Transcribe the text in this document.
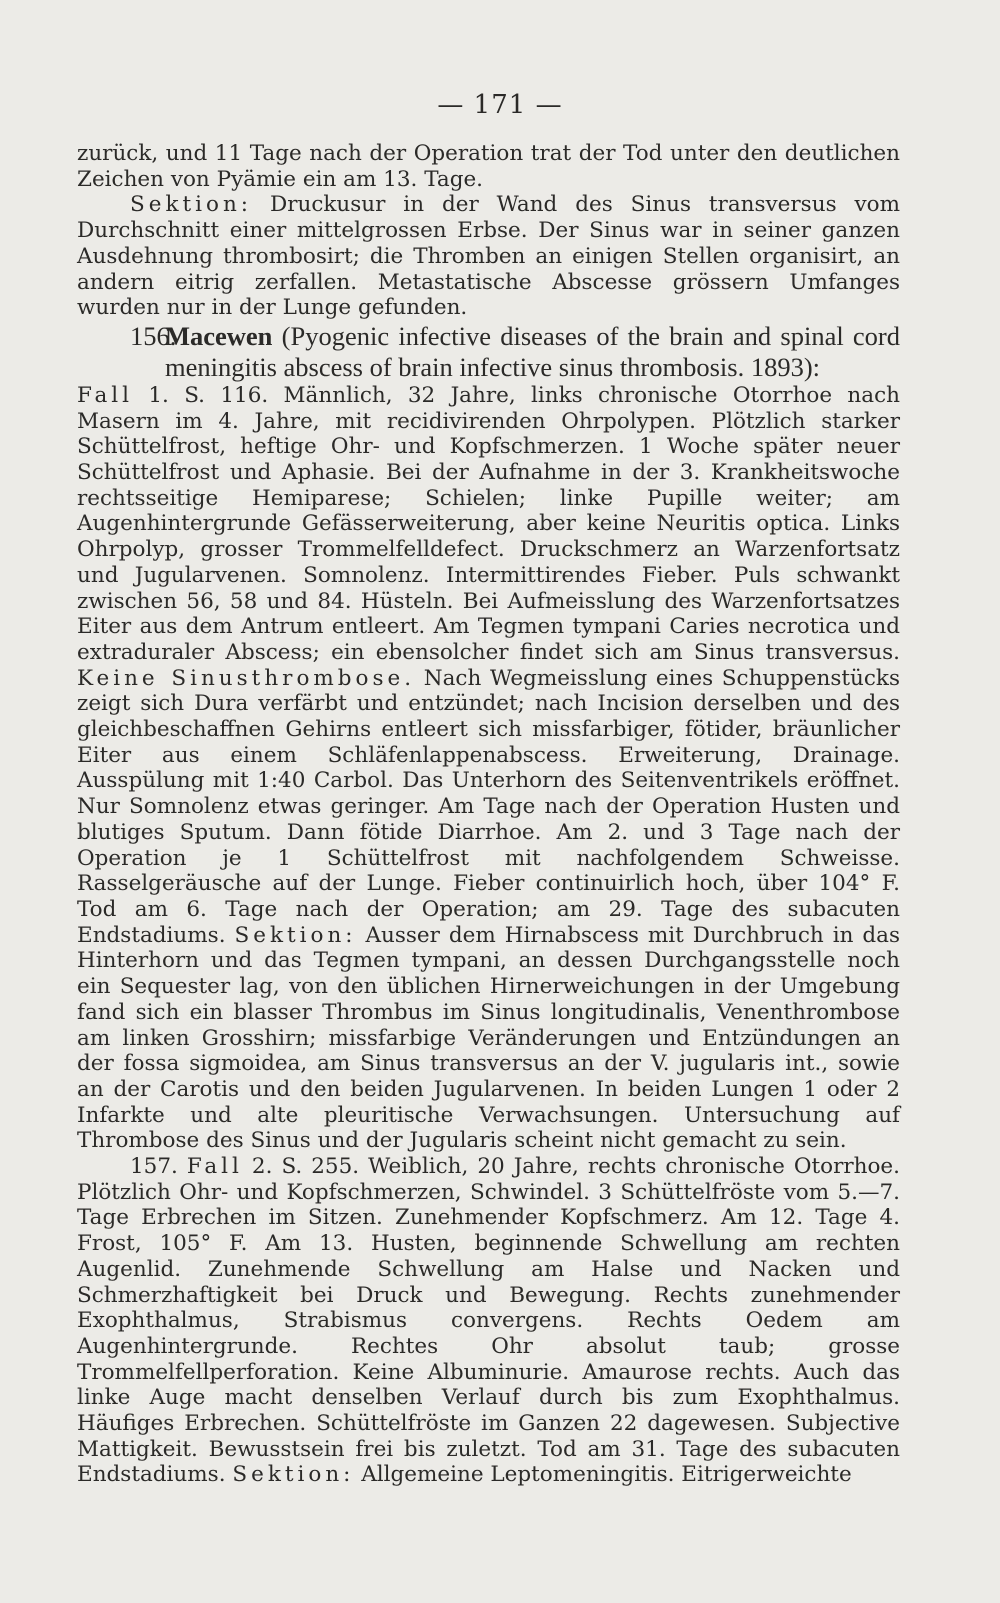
— 171 —

zurück, und 11 Tage nach der Operation trat der Tod unter den deutlichen Zeichen von Pyämie ein am 13. Tage.

Sektion: Druckusur in der Wand des Sinus transversus vom Durchschnitt einer mittelgrossen Erbse. Der Sinus war in seiner ganzen Ausdehnung thrombosirt; die Thromben an einigen Stellen organisirt, an andern eitrig zerfallen. Metastatische Abscesse grössern Umfanges wurden nur in der Lunge gefunden.

156.Macewen (Pyogenic infective diseases of the brain and spinal cord meningitis abscess of brain infective sinus thrombosis. 1893):

Fall 1. S. 116. Männlich, 32 Jahre, links chronische Otorrhoe nach Masern im 4. Jahre, mit recidivirenden Ohrpolypen. Plötzlich starker Schüttelfrost, heftige Ohr- und Kopfschmerzen. 1 Woche später neuer Schüttelfrost und Aphasie. Bei der Aufnahme in der 3. Krankheitswoche rechtsseitige Hemiparese; Schielen; linke Pupille weiter; am Augenhintergrunde Gefässerweiterung, aber keine Neuritis optica. Links Ohrpolyp, grosser Trommelfelldefect. Druckschmerz an Warzenfortsatz und Jugularvenen. Somnolenz. Intermittirendes Fieber. Puls schwankt zwischen 56, 58 und 84. Hüsteln. Bei Aufmeisslung des Warzenfortsatzes Eiter aus dem Antrum entleert. Am Tegmen tympani Caries necrotica und extraduraler Abscess; ein ebensolcher findet sich am Sinus transversus. Keine Sinusthrombose. Nach Wegmeisslung eines Schuppenstücks zeigt sich Dura verfärbt und entzündet; nach Incision derselben und des gleichbeschaffnen Gehirns entleert sich missfarbiger, fötider, bräunlicher Eiter aus einem Schläfenlappenabscess. Erweiterung, Drainage. Ausspülung mit 1:40 Carbol. Das Unterhorn des Seitenventrikels eröffnet. Nur Somnolenz etwas geringer. Am Tage nach der Operation Husten und blutiges Sputum. Dann fötide Diarrhoe. Am 2. und 3 Tage nach der Operation je 1 Schüttelfrost mit nachfolgendem Schweisse. Rasselgeräusche auf der Lunge. Fieber continuirlich hoch, über 104° F. Tod am 6. Tage nach der Operation; am 29. Tage des subacuten Endstadiums. Sektion: Ausser dem Hirnabscess mit Durchbruch in das Hinterhorn und das Tegmen tympani, an dessen Durchgangsstelle noch ein Sequester lag, von den üblichen Hirnerweichungen in der Umgebung fand sich ein blasser Thrombus im Sinus longitudinalis, Venenthrombose am linken Grosshirn; missfarbige Veränderungen und Entzündungen an der fossa sigmoidea, am Sinus transversus an der V. jugularis int., sowie an der Carotis und den beiden Jugularvenen. In beiden Lungen 1 oder 2 Infarkte und alte pleuritische Verwachsungen. Untersuchung auf Thrombose des Sinus und der Jugularis scheint nicht gemacht zu sein.

157. Fall 2. S. 255. Weiblich, 20 Jahre, rechts chronische Otorrhoe. Plötzlich Ohr- und Kopfschmerzen, Schwindel. 3 Schüttelfröste vom 5.—7. Tage Erbrechen im Sitzen. Zunehmender Kopfschmerz. Am 12. Tage 4. Frost, 105° F. Am 13. Husten, beginnende Schwellung am rechten Augenlid. Zunehmende Schwellung am Halse und Nacken und Schmerzhaftigkeit bei Druck und Bewegung. Rechts zunehmender Exophthalmus, Strabismus convergens. Rechts Oedem am Augenhintergrunde. Rechtes Ohr absolut taub; grosse Trommelfellperforation. Keine Albuminurie. Amaurose rechts. Auch das linke Auge macht denselben Verlauf durch bis zum Exophthalmus. Häufiges Erbrechen. Schüttelfröste im Ganzen 22 dagewesen. Subjective Mattigkeit. Bewusstsein frei bis zuletzt. Tod am 31. Tage des subacuten Endstadiums. Sektion: Allgemeine Leptomeningitis. Eitrigerweichte
